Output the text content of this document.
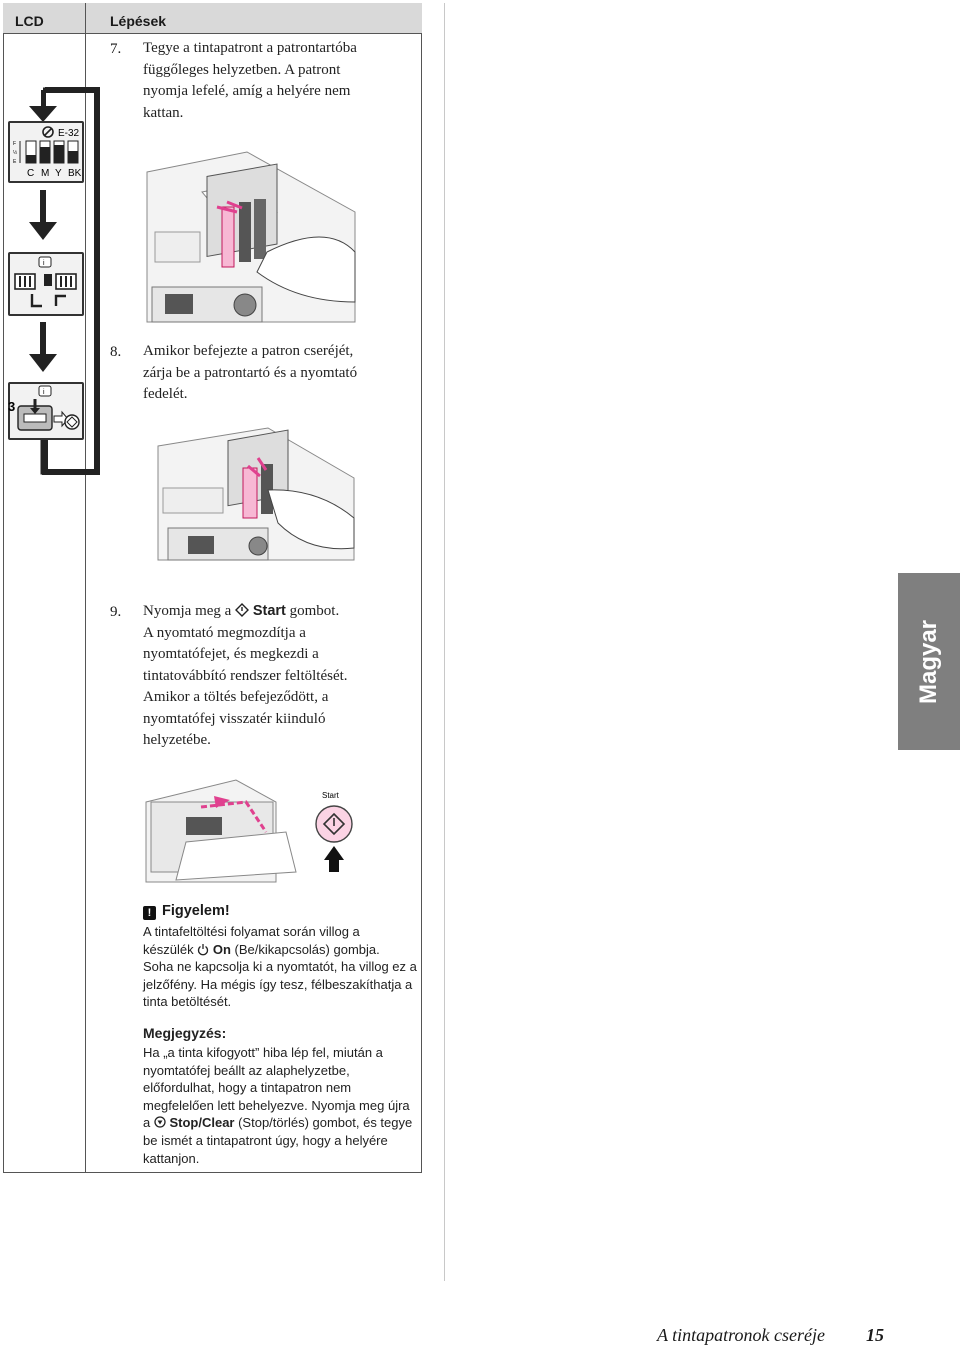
LCD	Lépések
E-32
F
½
E
C M Y BK
i
i
3
7. Tegye a tintapatront a patrontartóba
függőleges helyzetben. A patront
nyomja lefelé, amíg a helyére nem
kattan.
8. Amikor befejezte a patron cseréjét,
zárja be a patrontartó és a nyomtató
fedelét.
9. Nyomja meg a  Start gombot.
A nyomtató megmozdítja a
nyomtatófejet, és megkezdi a
tintatovábbító rendszer feltöltését.
Amikor a töltés befejeződött, a
nyomtatófej visszatér kiinduló
helyzetébe.
Start
! Figyelem!
A tintafeltöltési folyamat során villog a
készülék  On (Be/kikapcsolás) gombja.
Soha ne kapcsolja ki a nyomtatót, ha villog ez a jelzőfény. Ha mégis így tesz, félbeszakíthatja a tinta betöltését.
Megjegyzés:
Ha „a tinta kifogyott” hiba lép fel, miután a nyomtatófej beállt az alaphelyzetbe, előfordulhat, hogy a tintapatron nem megfelelően lett behelyezve. Nyomja meg újra a  Stop/Clear (Stop/törlés) gombot, és tegye be ismét a tintapatront úgy, hogy a helyére kattanjon.
Magyar
A tintapatronok cseréje 15
